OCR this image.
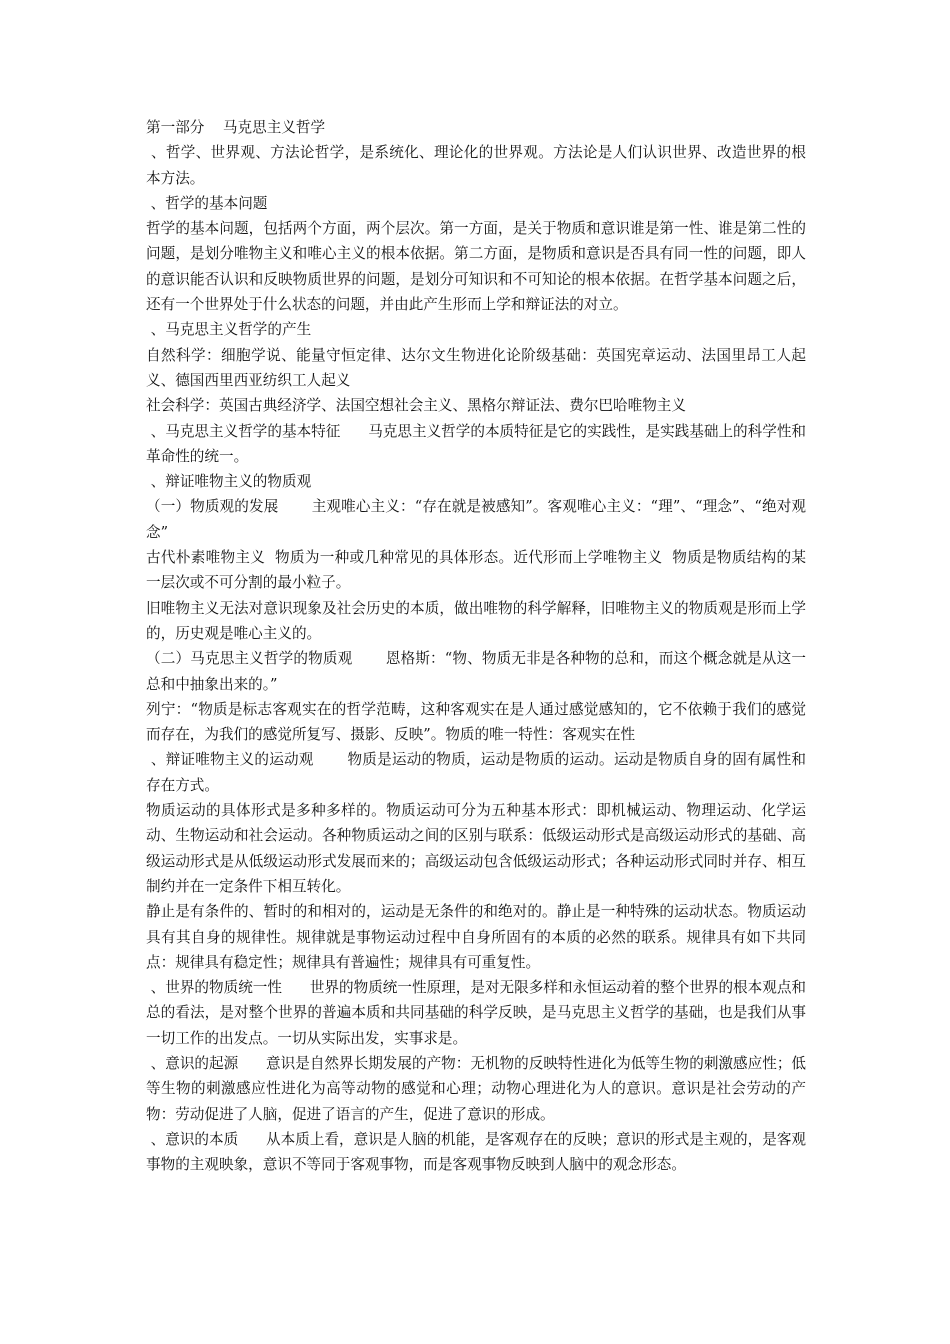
第一部分    马克思主义哲学

、哲学、世界观、方法论哲学，是系统化、理论化的世界观。方法论是人们认识世界、改造世界的根本方法。

、哲学的基本问题

哲学的基本问题，包括两个方面，两个层次。第一方面，是关于物质和意识谁是第一性、谁是第二性的问题，是划分唯物主义和唯心主义的根本依据。第二方面，是物质和意识是否具有同一性的问题，即人的意识能否认识和反映物质世界的问题，是划分可知识和不可知论的根本依据。在哲学基本问题之后，还有一个世界处于什么状态的问题，并由此产生形而上学和辩证法的对立。

、马克思主义哲学的产生

自然科学：细胞学说、能量守恒定律、达尔文生物进化论阶级基础：英国宪章运动、法国里昂工人起义、德国西里西亚纺织工人起义

社会科学：英国古典经济学、法国空想社会主义、黑格尔辩证法、费尔巴哈唯物主义

、马克思主义哲学的基本特征      马克思主义哲学的本质特征是它的实践性，是实践基础上的科学性和革命性的统一。

、辩证唯物主义的物质观

（一）物质观的发展       主观唯心主义：“存在就是被感知”。客观唯心主义：“理”、“理念”、“绝对观念”

古代朴素唯物主义  物质为一种或几种常见的具体形态。近代形而上学唯物主义  物质是物质结构的某一层次或不可分割的最小粒子。

旧唯物主义无法对意识现象及社会历史的本质，做出唯物的科学解释，旧唯物主义的物质观是形而上学的，历史观是唯心主义的。

（二）马克思主义哲学的物质观       恩格斯：“物、物质无非是各种物的总和，而这个概念就是从这一总和中抽象出来的。”

列宁：“物质是标志客观实在的哲学范畴，这种客观实在是人通过感觉感知的，它不依赖于我们的感觉而存在，为我们的感觉所复写、摄影、反映”。物质的唯一特性：客观实在性

、辩证唯物主义的运动观       物质是运动的物质，运动是物质的运动。运动是物质自身的固有属性和存在方式。

物质运动的具体形式是多种多样的。物质运动可分为五种基本形式：即机械运动、物理运动、化学运动、生物运动和社会运动。各种物质运动之间的区别与联系：低级运动形式是高级运动形式的基础、高级运动形式是从低级运动形式发展而来的；高级运动包含低级运动形式；各种运动形式同时并存、相互制约并在一定条件下相互转化。

静止是有条件的、暂时的和相对的，运动是无条件的和绝对的。静止是一种特殊的运动状态。物质运动具有其自身的规律性。规律就是事物运动过程中自身所固有的本质的必然的联系。规律具有如下共同点：规律具有稳定性；规律具有普遍性；规律具有可重复性。

、世界的物质统一性      世界的物质统一性原理，是对无限多样和永恒运动着的整个世界的根本观点和总的看法，是对整个世界的普遍本质和共同基础的科学反映，是马克思主义哲学的基础，也是我们从事一切工作的出发点。一切从实际出发，实事求是。

、意识的起源      意识是自然界长期发展的产物：无机物的反映特性进化为低等生物的刺激感应性；低等生物的刺激感应性进化为高等动物的感觉和心理；动物心理进化为人的意识。意识是社会劳动的产物：劳动促进了人脑，促进了语言的产生，促进了意识的形成。

、意识的本质      从本质上看，意识是人脑的机能，是客观存在的反映；意识的形式是主观的，是客观事物的主观映象，意识不等同于客观事物，而是客观事物反映到人脑中的观念形态。
